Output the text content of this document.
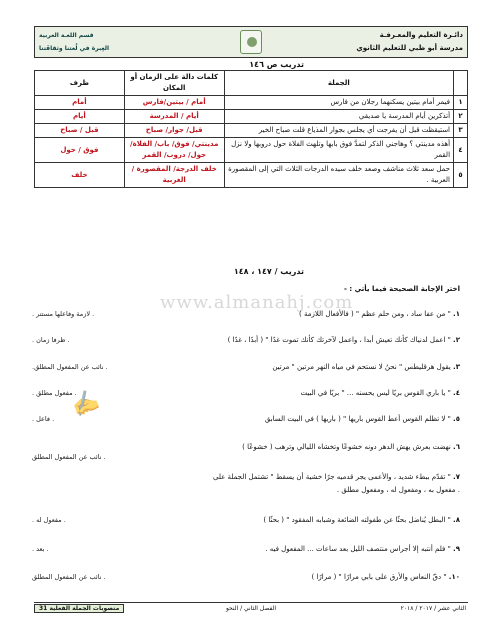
دائـرة التعليم والمعـرفـة
مدرسة أبو ظبي للتعليم الثانوي
قسم اللغـة العربية
العِبرة في لُغتنا وثقافَتنا
تدريب ص ١٤٦
	الجملة	كلمات دالة على الزمان أو المكان	ظرف
١	فيمر أمام بيتين يسكنهما رجلان من فارس	أمام / بيتين/فارس	أمام
٢	أتذكرين أيام المدرسة يا صديقي	أيام / المدرسة	أيام
٣	استيقظت قبل أن يفرجت أي يجلس بجوار المذياع قلت صباح الخير	قبل/ جوار/ صباح	قبل / صباح
٤	أهذه مدينتي ؟ وهاجني الذكر لتمدَّ فوق بابها وتلهث الفلاة حول دروبها ولا نزل القمر	مدينتي/ فوق/ باب/ الفلاة/ حول/ دروب/ القمر	فوق / حول
٥	حمل سعد ثلاث مناشف وصعد خلف سيده الدرجات الثلاث التي إلى المقصورة العربية .	خلف الدرجة/ المقصورة / الغربية	خلف
تدريب / ١٤٧ ، ١٤٨
اختر الإجابة الصحيحة فيما يأتي : -
www.almanahj.com
✍
١. " من عفا ساد ، ومن حلم عظم " ( فالأفعال اللازمة )
. لازمة وفاعلها مستتر .
٢. " اعمل لدنياك كأنك تعيش أبدا ، واعمل لآخرتك كأنك تموت غدًا " ( أبدًا ، غدًا )
. ظرفا زمان .
٣. يقول هرقليطس " نحنُ لا نستحم في مياه النهر مرتين " مرتين
. نائب عن المفعول المطلق.
٤. " يا باري القوس بريًا ليس يحسنه ... " بريًا في البيت
. مفعول مطلق .
٥. " لا تظلم القوس أعط القوس باريها " ( باريها ) في البيت السابق
. فاعل .
٦. نهضت بعرش يهش الدهر دونه خشوعًا وتخشاه الليالي وترهب ( خشوعًا )
. نائب عن المفعول المطلق
٧. " تقدّم ببطء شديد ، والأعمى يجر قدميه جرًا خشية أن يسقط " تشتمل الجملة على
. مفعول به ، ومفعول له ، ومفعول مطلق .
٨. " البطل يُناضل بحثًا عن طفولته الضائعة وشبابه المفقود " ( بحثًا )
. مفعول له .
٩. " فلم أنتبه إلا أجراس منتصف الليل بعد ساعات ... المفعول فيه .
. بعد .
١٠. " دقّ النعاس والأرق على بابي مرارًا " ( مرارًا )
. نائب عن المفعول المطلق
الثاني عشر / ٢٠١٧ / ٢٠١٨
الفصل الثاني / النحو
منصوبات الجملة الفعلية 31
